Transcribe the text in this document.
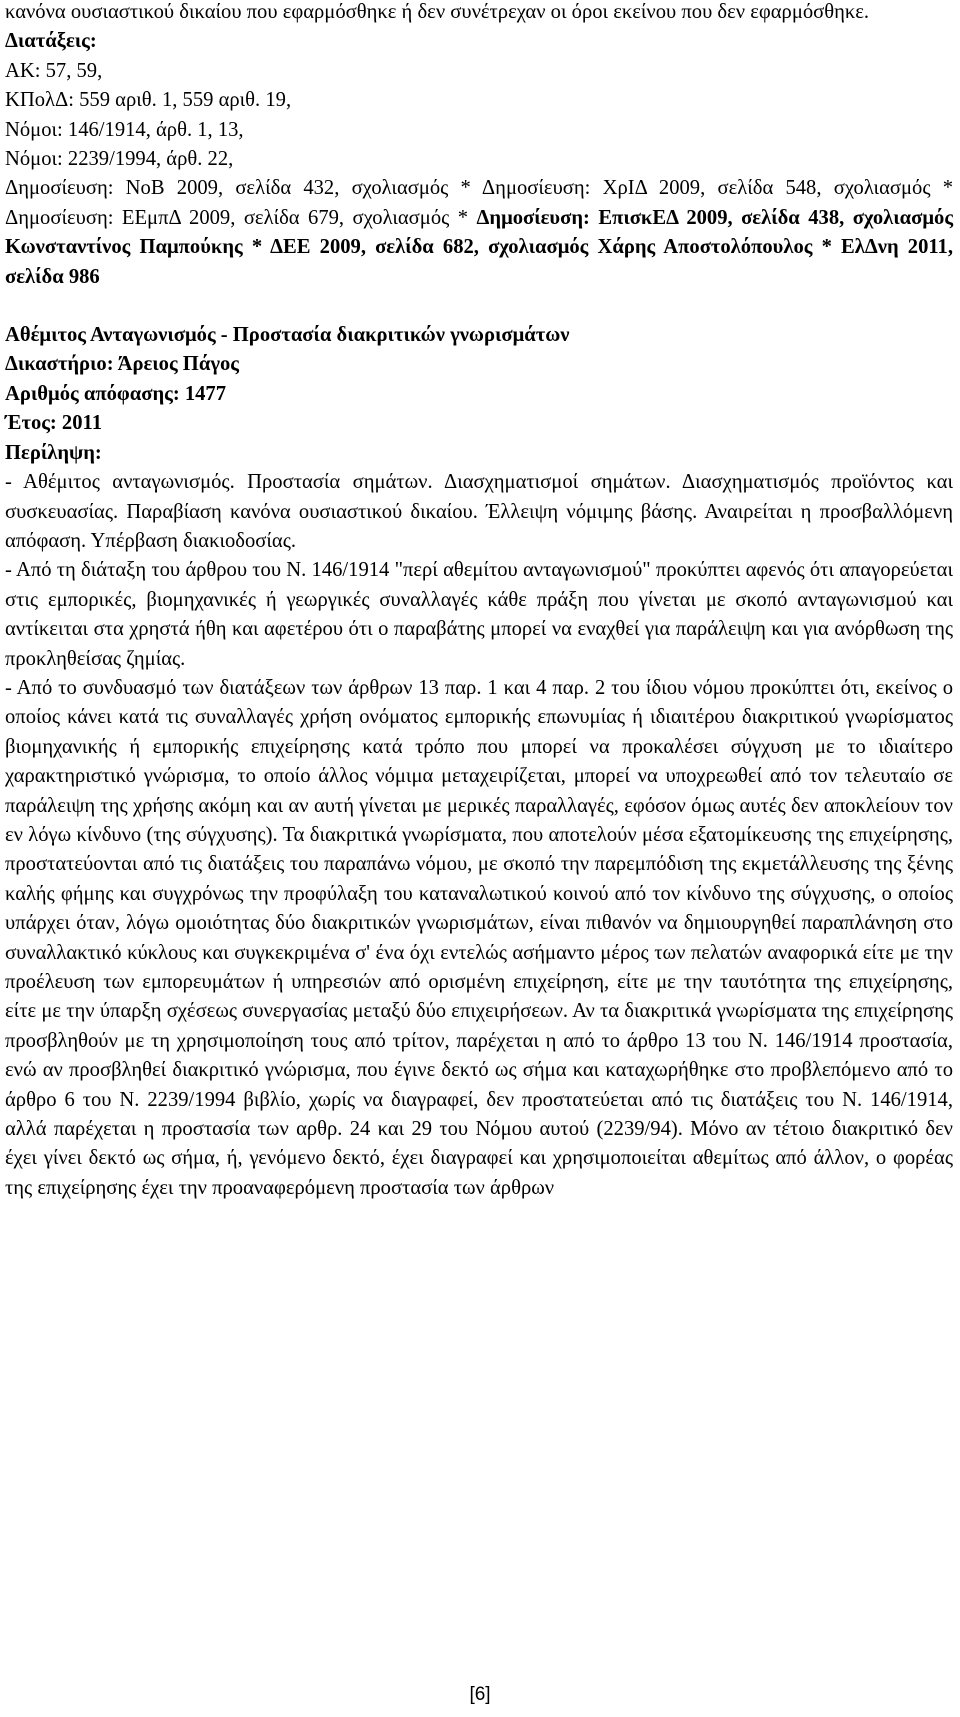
κανόνα ουσιαστικού δικαίου που εφαρμόσθηκε ή δεν συνέτρεχαν οι όροι εκείνου που δεν εφαρμόσθηκε.

Διατάξεις:

ΑΚ: 57, 59,

ΚΠολΔ: 559 αριθ. 1, 559 αριθ. 19,

Νόμοι: 146/1914, άρθ. 1, 13,

Νόμοι: 2239/1994, άρθ. 22,

Δημοσίευση: ΝοΒ 2009, σελίδα 432, σχολιασμός * Δημοσίευση: ΧρΙΔ 2009, σελίδα 548, σχολιασμός * Δημοσίευση: ΕΕμπΔ 2009, σελίδα 679, σχολιασμός * Δημοσίευση: ΕπισκΕΔ 2009, σελίδα 438, σχολιασμός Κωνσταντίνος Παμπούκης * ΔΕΕ 2009, σελίδα 682, σχολιασμός Χάρης Αποστολόπουλος * ΕλΔνη 2011, σελίδα 986

Αθέμιτος Ανταγωνισμός - Προστασία διακριτικών γνωρισμάτων

Δικαστήριο: Άρειος Πάγος

Αριθμός απόφασης: 1477

Έτος: 2011

Περίληψη:

- Αθέμιτος ανταγωνισμός. Προστασία σημάτων. Διασχηματισμοί σημάτων. Διασχηματισμός προϊόντος και συσκευασίας. Παραβίαση κανόνα ουσιαστικού δικαίου. Έλλειψη νόμιμης βάσης. Αναιρείται η προσβαλλόμενη απόφαση. Υπέρβαση διακιοδοσίας.

- Από τη διάταξη του άρθρου του Ν. 146/1914 "περί αθεμίτου ανταγωνισμού" προκύπτει αφενός ότι απαγορεύεται στις εμπορικές, βιομηχανικές ή γεωργικές συναλλαγές κάθε πράξη που γίνεται με σκοπό ανταγωνισμού και αντίκειται στα χρηστά ήθη και αφετέρου ότι ο παραβάτης μπορεί να εναχθεί για παράλειψη και για ανόρθωση της προκληθείσας ζημίας.

- Από το συνδυασμό των διατάξεων των άρθρων 13 παρ. 1 και 4 παρ. 2 του ίδιου νόμου προκύπτει ότι, εκείνος ο οποίος κάνει κατά τις συναλλαγές χρήση ονόματος εμπορικής επωνυμίας ή ιδιαιτέρου διακριτικού γνωρίσματος βιομηχανικής ή εμπορικής επιχείρησης κατά τρόπο που μπορεί να προκαλέσει σύγχυση με το ιδιαίτερο χαρακτηριστικό γνώρισμα, το οποίο άλλος νόμιμα μεταχειρίζεται, μπορεί να υποχρεωθεί από τον τελευταίο σε παράλειψη της χρήσης ακόμη και αν αυτή γίνεται με μερικές παραλλαγές, εφόσον όμως αυτές δεν αποκλείουν τον εν λόγω κίνδυνο (της σύγχυσης). Τα διακριτικά γνωρίσματα, που αποτελούν μέσα εξατομίκευσης της επιχείρησης, προστατεύονται από τις διατάξεις του παραπάνω νόμου, με σκοπό την παρεμπόδιση της εκμετάλλευσης της ξένης καλής φήμης και συγχρόνως την προφύλαξη του καταναλωτικού κοινού από τον κίνδυνο της σύγχυσης, ο οποίος υπάρχει όταν, λόγω ομοιότητας δύο διακριτικών γνωρισμάτων, είναι πιθανόν να δημιουργηθεί παραπλάνηση στο συναλλακτικό κύκλους και συγκεκριμένα σ' ένα όχι εντελώς ασήμαντο μέρος των πελατών αναφορικά είτε με την προέλευση των εμπορευμάτων ή υπηρεσιών από ορισμένη επιχείρηση, είτε με την ταυτότητα της επιχείρησης, είτε με την ύπαρξη σχέσεως συνεργασίας μεταξύ δύο επιχειρήσεων. Αν τα διακριτικά γνωρίσματα της επιχείρησης προσβληθούν με τη χρησιμοποίηση τους από τρίτον, παρέχεται η από το άρθρο 13 του Ν. 146/1914 προστασία, ενώ αν προσβληθεί διακριτικό γνώρισμα, που έγινε δεκτό ως σήμα και καταχωρήθηκε στο προβλεπόμενο από το άρθρο 6 του Ν. 2239/1994 βιβλίο, χωρίς να διαγραφεί, δεν προστατεύεται από τις διατάξεις του Ν. 146/1914, αλλά παρέχεται η προστασία των αρθρ. 24 και 29 του Νόμου αυτού (2239/94). Μόνο αν τέτοιο διακριτικό δεν έχει γίνει δεκτό ως σήμα, ή, γενόμενο δεκτό, έχει διαγραφεί και χρησιμοποιείται αθεμίτως από άλλον, ο φορέας της επιχείρησης έχει την προαναφερόμενη προστασία των άρθρων

[6]
